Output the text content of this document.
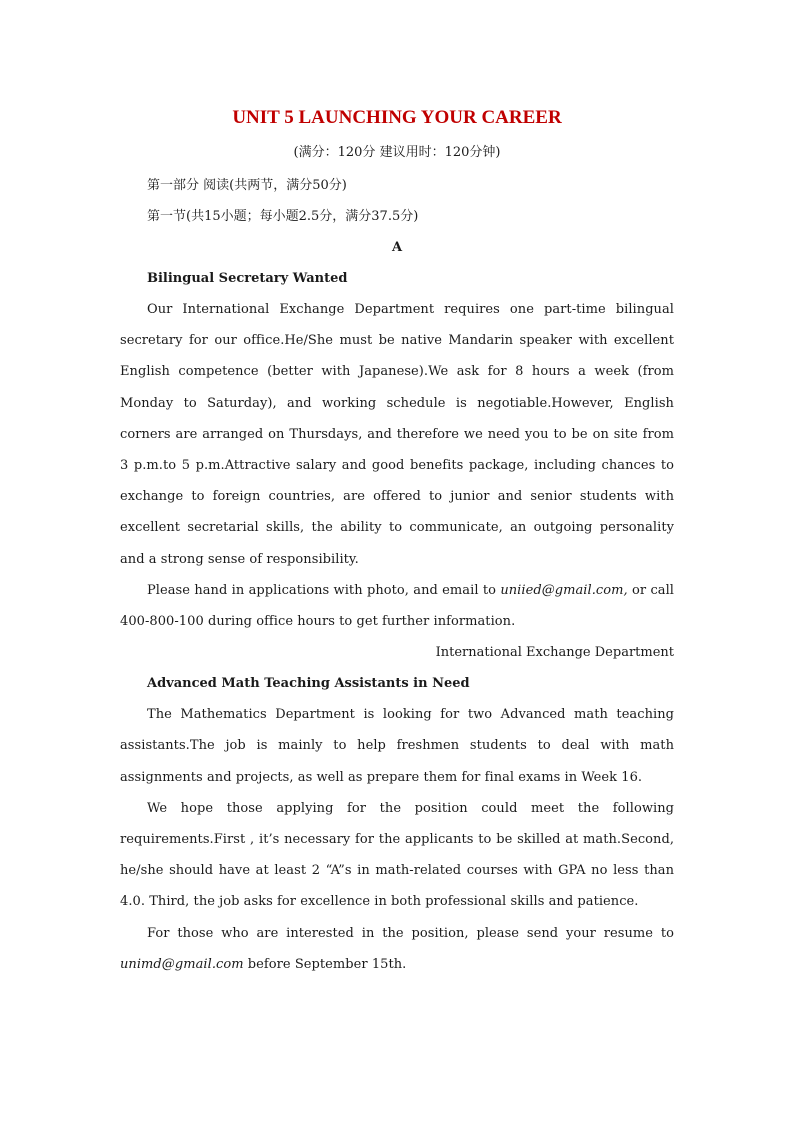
UNIT 5 LAUNCHING YOUR CAREER

(满分：120分 建议用时：120分钟)

第一部分 阅读(共两节，满分50分)

第一节(共15小题；每小题2.5分，满分37.5分)

A

Bilingual Secretary Wanted

Our International Exchange Department requires one part-time bilingual secretary for our office.He/She must be native Mandarin speaker with excellent English competence (better with Japanese).We ask for 8 hours a week (from Monday to Saturday), and working schedule is negotiable.However, English corners are arranged on Thursdays, and therefore we need you to be on site from 3 p.m.to 5 p.m.Attractive salary and good benefits package, including chances to exchange to foreign countries, are offered to junior and senior students with excellent secretarial skills, the ability to communicate, an outgoing personality and a strong sense of responsibility.

Please hand in applications with photo, and email to uniied@gmail.com, or call 400-800-100 during office hours to get further information.

International Exchange Department

Advanced Math Teaching Assistants in Need

The Mathematics Department is looking for two Advanced math teaching assistants.The job is mainly to help freshmen students to deal with math assignments and projects, as well as prepare them for final exams in Week 16.

We hope those applying for the position could meet the following requirements.First , it’s necessary for the applicants to be skilled at math.Second, he/she should have at least 2 “A”s in math-related courses with GPA no less than 4.0. Third, the job asks for excellence in both professional skills and patience.

For those who are interested in the position, please send your resume to unimd@gmail.com before September 15th.
